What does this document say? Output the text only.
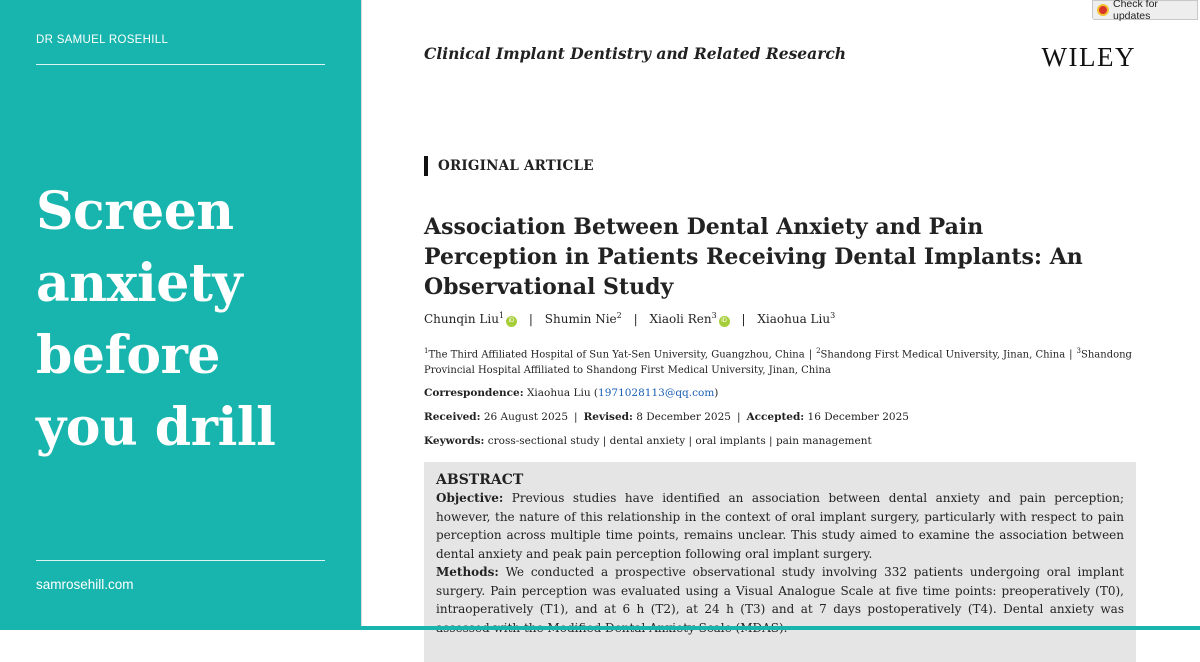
DR SAMUEL ROSEHILL
Screen
anxiety
before
you drill
samrosehill.com
Clinical Implant Dentistry and Related Research	WILEY
Check for updates
ORIGINAL ARTICLE
Association Between Dental Anxiety and Pain Perception in Patients Receiving Dental Implants: An Observational Study
Chunqin Liu$^1$iD | Shumin Nie$^2$ | Xiaoli Ren$^3$iD | Xiaohua Liu$^3$
$^1$The Third Affiliated Hospital of Sun Yat-Sen University, Guangzhou, China | $^2$Shandong First Medical University, Jinan, China | $^3$Shandong Provincial Hospital Affiliated to Shandong First Medical University, Jinan, China
Correspondence: Xiaohua Liu (1971028113@qq.com)
Received: 26 August 2025 | Revised: 8 December 2025 | Accepted: 16 December 2025
Keywords: cross-sectional study | dental anxiety | oral implants | pain management
ABSTRACT

Objective: Previous studies have identified an association between dental anxiety and pain perception; however, the nature of this relationship in the context of oral implant surgery, particularly with respect to pain perception across multiple time points, remains unclear. This study aimed to examine the association between dental anxiety and peak pain perception following oral implant surgery.

Methods: We conducted a prospective observational study involving 332 patients undergoing oral implant surgery. Pain perception was evaluated using a Visual Analogue Scale at five time points: preoperatively (T0), intraoperatively (T1), and at 6 h (T2), at 24 h (T3) and at 7 days postoperatively (T4). Dental anxiety was
